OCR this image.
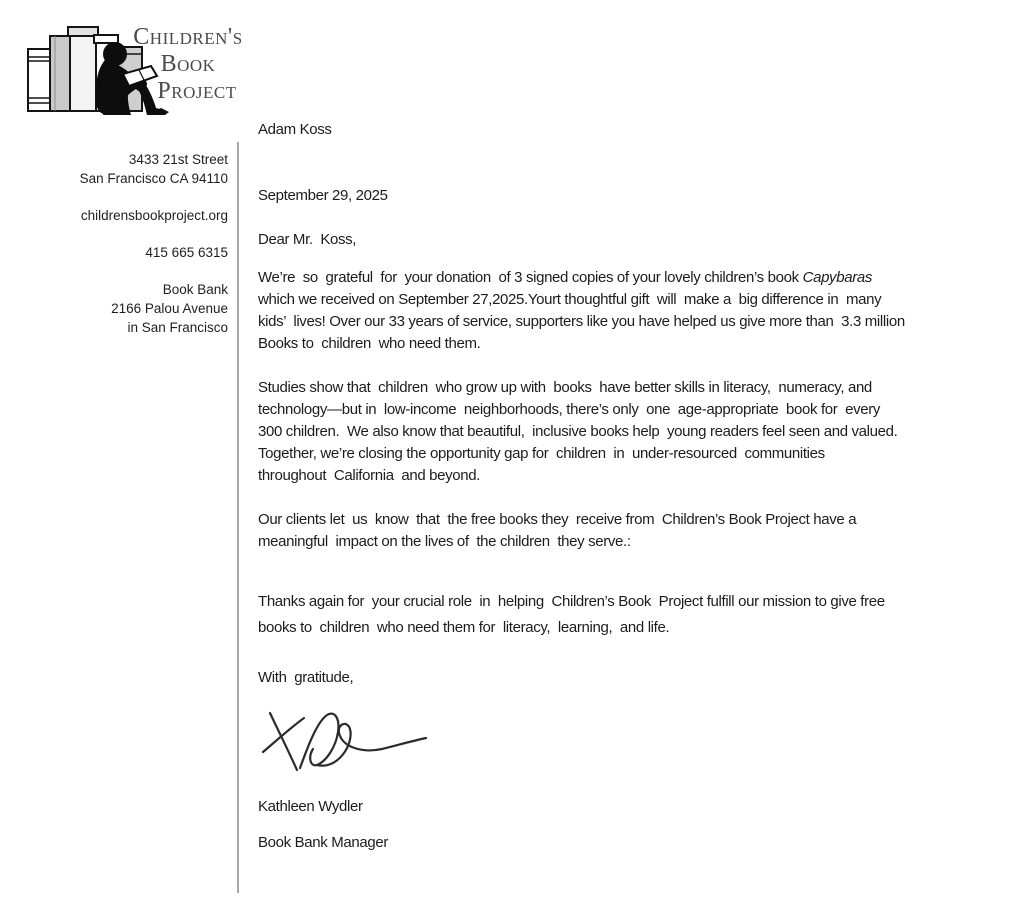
Children's
Book
Project
3433 21st Street
San Francisco CA 94110
childrensbookproject.org
415 665 6315
Book Bank
2166 Palou Avenue
in San Francisco
Adam Koss
September 29, 2025
Dear Mr.  Koss,
We’re  so  grateful  for  your donation  of 3 signed copies of your lovely children’s book Capybaras
which we received on September 27,2025.Yourt thoughtful gift  will  make a  big difference in  many
kids’  lives! Over our 33 years of service, supporters like you have helped us give more than  3.3 million
Books to  children  who need them.
Studies show that  children  who grow up with  books  have better skills in literacy,  numeracy, and
technology—but in  low-income  neighborhoods, there’s only  one  age-appropriate  book for  every
300 children.  We also know that beautiful,  inclusive books help  young readers feel seen and valued.
Together, we’re closing the opportunity gap for  children  in  under-resourced  communities
throughout  California  and beyond.
Our clients let  us  know  that  the free books they  receive from  Children’s Book Project have a
meaningful  impact on the lives of  the children  they serve.:
Thanks again for  your crucial role  in  helping  Children’s Book  Project fulfill our mission to give free
books to  children  who need them for  literacy,  learning,  and life.
With  gratitude,
Kathleen Wydler
Book Bank Manager
